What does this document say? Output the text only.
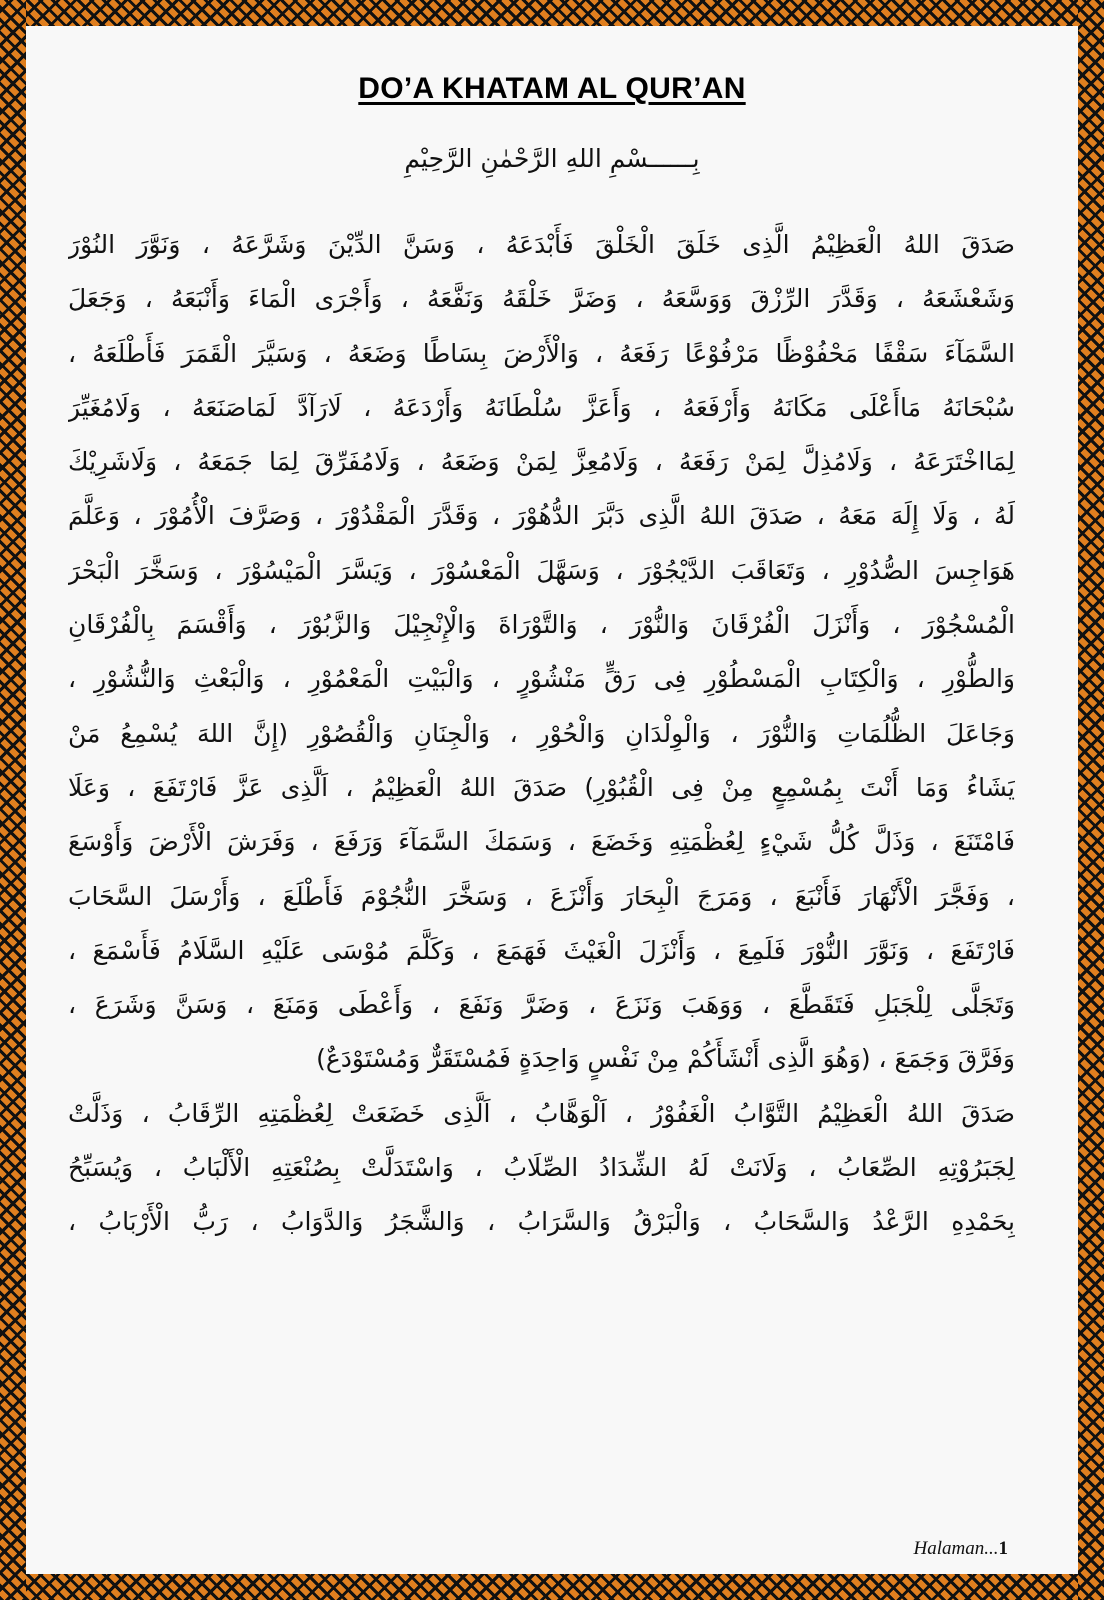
DO’A KHATAM AL QUR’AN
بِــــــسْمِ اللهِ الرَّحْمٰنِ الرَّحِيْمِ
صَدَقَ اللهُ الْعَظِيْمُ الَّذِى خَلَقَ الْخَلْقَ فَأَبْدَعَهُ ، وَسَنَّ الدِّيْنَ وَشَرَّعَهُ ، وَنَوَّرَ النُوْرَ
وَشَعْشَعَهُ ، وَقَدَّرَ الرِّزْقَ وَوَسَّعَهُ ، وَضَرَّ خَلْقَهُ وَنَفَّعَهُ ، وَأَجْرَى الْمَاءَ وَأَنْبَعَهُ ، وَجَعَلَ
السَّمَآءَ سَقْفًا مَحْفُوْظًا مَرْفُوْعًا رَفَعَهُ ، وَالْأَرْضَ بِسَاطًا وَضَعَهُ ، وَسَيَّرَ الْقَمَرَ فَأَطْلَعَهُ ،
سُبْحَانَهُ مَاأَعْلَى مَكَانَهُ وَأَرْفَعَهُ ، وَأَعَزَّ سُلْطَانَهُ وَأَرْدَعَهُ ، لَارَآدَّ لَمَاصَنَعَهُ ، وَلَامُغَيِّرَ
لِمَااخْتَرَعَهُ ، وَلَامُذِلَّ لِمَنْ رَفَعَهُ ، وَلَامُعِزَّ لِمَنْ وَضَعَهُ ، وَلَامُفَرِّقَ لِمَا جَمَعَهُ ، وَلَاشَرِيْكَ
لَهُ ، وَلَا إِلَهَ مَعَهُ ، صَدَقَ اللهُ الَّذِى دَبَّرَ الدُّهُوْرَ ، وَقَدَّرَ الْمَقْدُوْرَ ، وَصَرَّفَ الْأُمُوْرَ ، وَعَلَّمَ
هَوَاجِسَ الصُّدُوْرِ ، وَتَعَاقَبَ الدَّيْجُوْرَ ، وَسَهَّلَ الْمَعْسُوْرَ ، وَيَسَّرَ الْمَيْسُوْرَ ، وَسَخَّرَ الْبَحْرَ
الْمُسْجُوْرَ ، وَأَنْزَلَ الْفُرْقَانَ وَالنُّوْرَ ، وَالتَّوْرَاةَ وَالْإِنْجِيْلَ وَالزَّبُوْرَ ، وَأَقْسَمَ بِالْفُرْقَانِ
وَالطُّوْرِ ، وَالْكِتَابِ الْمَسْطُوْرِ فِى رَقٍّ مَنْشُوْرٍ ، وَالْبَيْتِ الْمَعْمُوْرِ ، وَالْبَعْثِ وَالنُّشُوْرِ ،
وَجَاعَلَ الظُّلُمَاتِ وَالنُّوْرَ ، وَالْوِلْدَانِ وَالْحُوْرِ ، وَالْجِنَانِ وَالْقُصُوْرِ (إِنَّ اللهَ يُسْمِعُ مَنْ
يَشَاءُ وَمَا أَنْتَ بِمُسْمِعٍ مِنْ فِى الْقُبُوْرِ) صَدَقَ اللهُ الْعَظِيْمُ ، اَلَّذِى عَزَّ فَارْتَفَعَ ، وَعَلَا
فَامْتَنَعَ ، وَذَلَّ كُلُّ شَيْءٍ لِعُظْمَتِهِ وَخَضَعَ ، وَسَمَكَ السَّمَآءَ وَرَفَعَ ، وَفَرَشَ الْأَرْضَ وَأَوْسَعَ
، وَفَجَّرَ الْأَنْهَارَ فَأَنْبَعَ ، وَمَرَجَ الْبِحَارَ وَأَنْزَعَ ، وَسَخَّرَ النُّجُوْمَ فَأَطْلَعَ ، وَأَرْسَلَ السَّحَابَ
فَارْتَفَعَ ، وَنَوَّرَ النُّوْرَ فَلَمِعَ ، وَأَنْزَلَ الْغَيْثَ فَهَمَعَ ، وَكَلَّمَ مُوْسَى عَلَيْهِ السَّلَامُ فَأَسْمَعَ ،
وَتَجَلَّى لِلْجَبَلِ فَتَقَطَّعَ ، وَوَهَبَ وَنَزَعَ ، وَضَرَّ وَنَفَعَ ، وَأَعْطَى وَمَنَعَ ، وَسَنَّ وَشَرَعَ ،
وَفَرَّقَ وَجَمَعَ ، (وَهُوَ الَّذِى أَنْشَأَكُمْ مِنْ نَفْسٍ وَاحِدَةٍ فَمُسْتَقَرٌّ وَمُسْتَوْدَعٌ)
صَدَقَ اللهُ الْعَظِيْمُ التَّوَّابُ الْغَفُوْرُ ، اَلْوَهَّابُ ، اَلَّذِى خَضَعَتْ لِعُظْمَتِهِ الرِّقَابُ ، وَذَلَّتْ
لِجَبَرُوْتِهِ الصِّعَابُ ، وَلَانَتْ لَهُ الشِّدَادُ الصِّلَابُ ، وَاسْتَدَلَّتْ بِصُنْعَتِهِ الْأَلْبَابُ ، وَيُسَبِّحُ
بِحَمْدِهِ الرَّعْدُ وَالسَّحَابُ ، وَالْبَرْقُ وَالسَّرَابُ ، وَالشَّجَرُ وَالدَّوَابُ ، رَبُّ الْأَرْبَابُ ،
Halaman...1
